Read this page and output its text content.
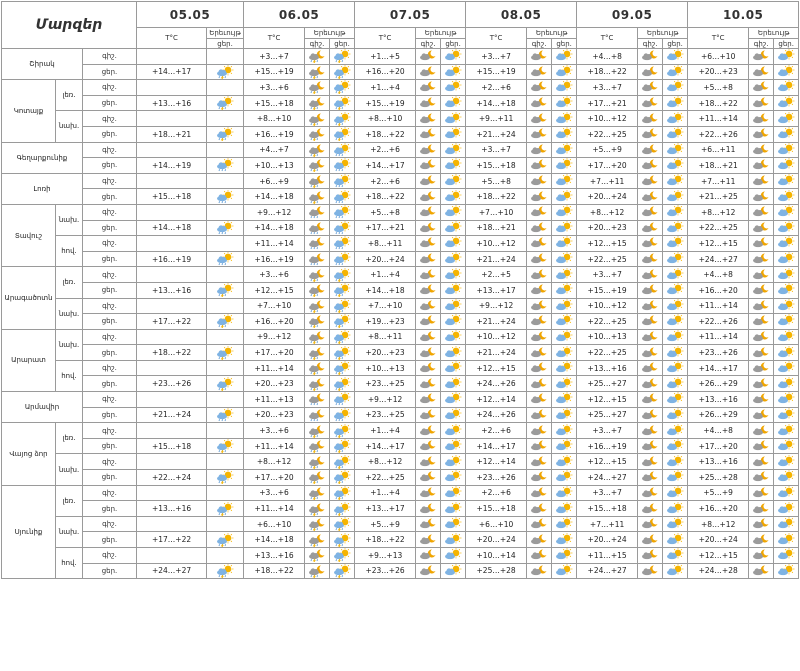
Մարզեր			05.05		06.05			07.05			08.05			09.05			10.05		
			T°C	Երեւույթ	T°C	Երեւույթ		T°C	Երեւույթ		T°C	Երեւույթ		T°C	Երեւույթ		T°C	Երեւույթ	
				ցեր.		գիշ.	ցեր.		գիշ.	ցեր.		գիշ.	ցեր.		գիշ.	ցեր.		գիշ.	ցեր.
Շիրակ		գիշ.			+3…+7			+1…+5			+3…+7			+4…+8			+6…+10	

		ցեր.	+14…+17		+15…+19			+16…+20			+15…+19			+18…+22			+20…+23	

Կոտայք	լեռ.	գիշ.			+3…+6			+1…+4			+2…+6			+3…+7			+5…+8	

		ցեր.	+13…+16		+15…+18			+15…+19			+14…+18			+17…+21			+18…+22	

	նախ.	գիշ.			+8…+10			+8…+10			+9…+11			+10…+12			+11…+14	

		ցեր.	+18…+21		+16…+19			+18…+22			+21…+24			+22…+25			+22…+26	

Գեղարքունիք		գիշ.			+4…+7			+2…+6			+3…+7			+5…+9			+6…+11	

		ցեր.	+14…+19		+10…+13			+14…+17			+15…+18			+17…+20			+18…+21	

Լոռի		գիշ.			+6…+9			+2…+6			+5…+8			+7…+11			+7…+11	

		ցեր.	+15…+18		+14…+18			+18…+22			+18…+22			+20…+24			+21…+25	

Տավուշ	նախ.	գիշ.			+9…+12			+5…+8			+7…+10			+8…+12			+8…+12	

		ցեր.	+14…+18		+14…+18			+17…+21			+18…+21			+20…+23			+22…+25	

	հով.	գիշ.			+11…+14			+8…+11			+10…+12			+12…+15			+12…+15	

		ցեր.	+16…+19		+16…+19			+20…+24			+21…+24			+22…+25			+24…+27	

Արագածոտն	լեռ.	գիշ.			+3…+6			+1…+4			+2…+5			+3…+7			+4…+8	

		ցեր.	+13…+16		+12…+15			+14…+18			+13…+17			+15…+19			+16…+20	

	նախ.	գիշ.			+7…+10			+7…+10			+9…+12			+10…+12			+11…+14	

		ցեր.	+17…+22		+16…+20			+19…+23			+21…+24			+22…+25			+22…+26	

Արարատ	նախ.	գիշ.			+9…+12			+8…+11			+10…+12			+10…+13			+11…+14	

		ցեր.	+18…+22		+17…+20			+20…+23			+21…+24			+22…+25			+23…+26	

	հով.	գիշ.			+11…+14			+10…+13			+12…+15			+13…+16			+14…+17	

		ցեր.	+23…+26		+20…+23			+23…+25			+24…+26			+25…+27			+26…+29	

Արմավիր		գիշ.			+11…+13			+9…+12			+12…+14			+12…+15			+13…+16	

		ցեր.	+21…+24		+20…+23			+23…+25			+24…+26			+25…+27			+26…+29	

Վայոց ձոր	լեռ.	գիշ.			+3…+6			+1…+4			+2…+6			+3…+7			+4…+8	

		ցեր.	+15…+18		+11…+14			+14…+17			+14…+17			+16…+19			+17…+20	

	նախ.	գիշ.			+8…+12			+8…+12			+12…+14			+12…+15			+13…+16	

		ցեր.	+22…+24		+17…+20			+22…+25			+23…+26			+24…+27			+25…+28	

Սյունիք	լեռ.	գիշ.			+3…+6			+1…+4			+2…+6			+3…+7			+5…+9	

		ցեր.	+13…+16		+11…+14			+13…+17			+15…+18			+15…+18			+16…+20	

	նախ.	գիշ.			+6…+10			+5…+9			+6…+10			+7…+11			+8…+12	

		ցեր.	+17…+22		+14…+18			+18…+22			+20…+24			+20…+24			+20…+24	

	հով.	գիշ.			+13…+16			+9…+13			+10…+14			+11…+15			+12…+15	

		ցեր.	+24…+27		+18…+22			+23…+26			+25…+28			+24…+27			+24…+28	
